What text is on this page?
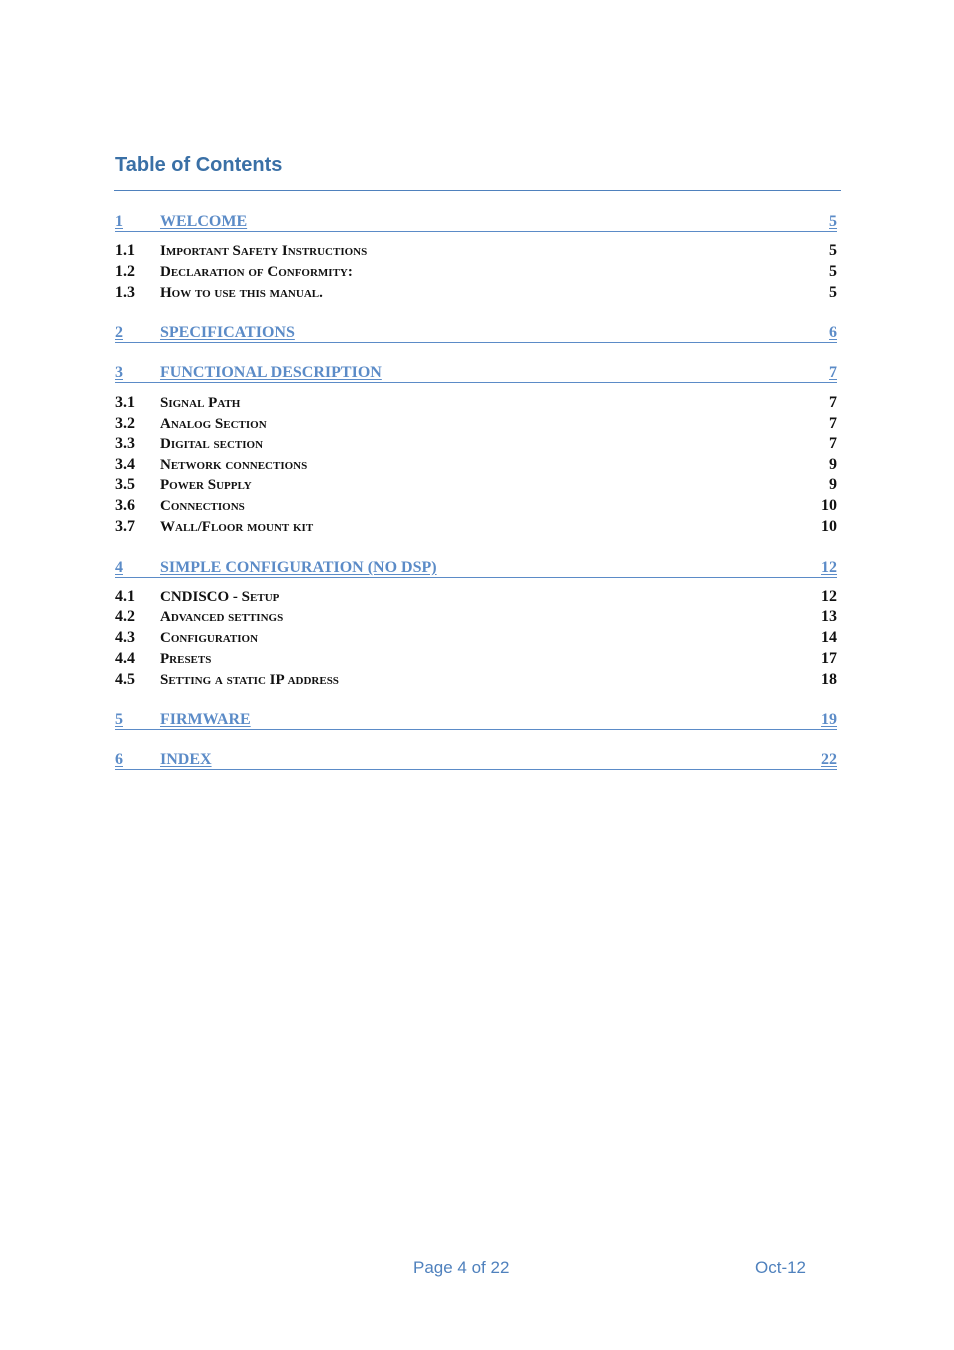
Table of Contents
1 WELCOME	5
1.1 Important Safety Instructions	5
1.2 Declaration of Conformity:	5
1.3 How to use this manual.	5
2 SPECIFICATIONS	6
3 FUNCTIONAL DESCRIPTION	7
3.1 Signal Path	7
3.2 Analog Section	7
3.3 Digital section	7
3.4 Network connections	9
3.5 Power Supply	9
3.6 Connections	10
3.7 Wall/Floor mount kit	10
4 SIMPLE CONFIGURATION (NO DSP)	12
4.1 CNDISCO - Setup	12
4.2 Advanced settings	13
4.3 Configuration	14
4.4 Presets	17
4.5 Setting a static IP address	18
5 FIRMWARE	19
6 INDEX	22
Page 4 of 22	Oct-12
